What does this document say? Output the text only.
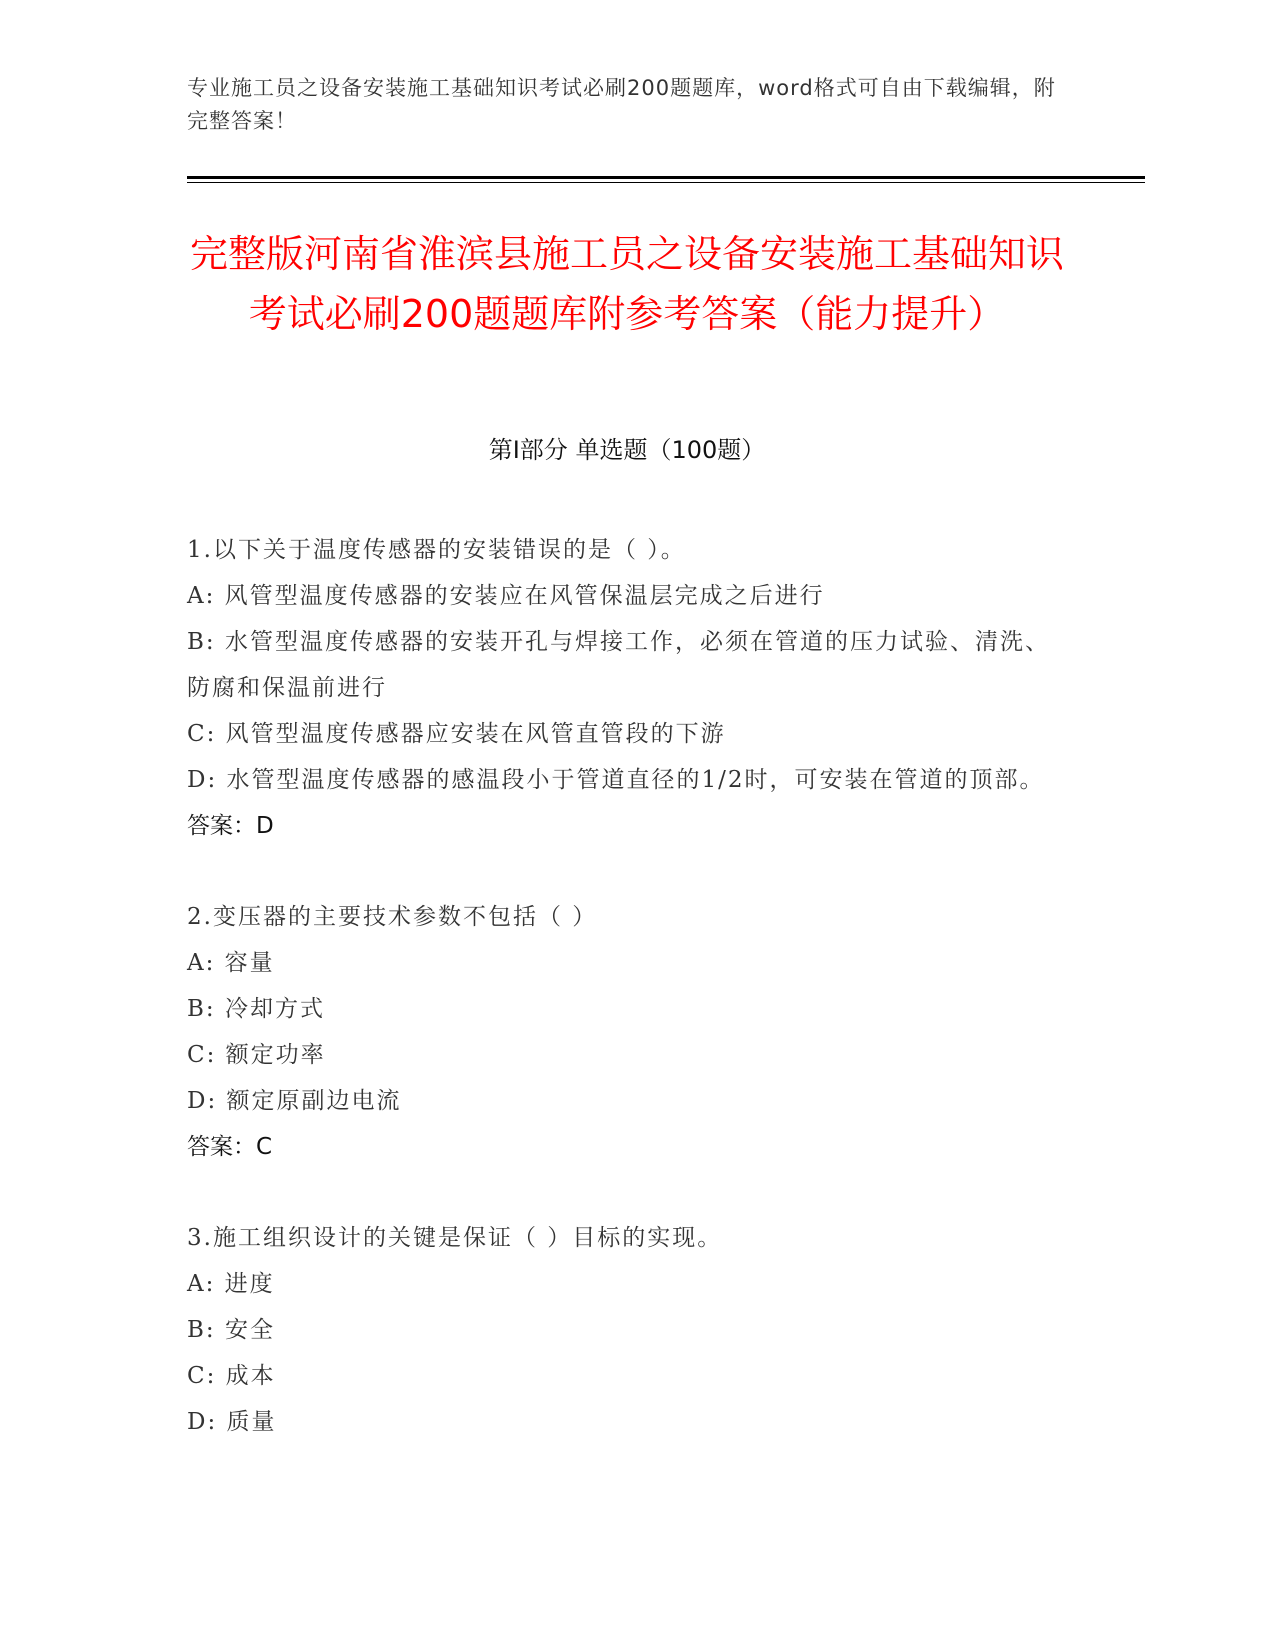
专业施工员之设备安装施工基础知识考试必刷200题题库，word格式可自由下载编辑，附完整答案！
完整版河南省淮滨县施工员之设备安装施工基础知识考试必刷200题题库附参考答案（能力提升）
第Ⅰ部分 单选题（100题）
1.以下关于温度传感器的安装错误的是（ ）。
A: 风管型温度传感器的安装应在风管保温层完成之后进行
B: 水管型温度传感器的安装开孔与焊接工作，必须在管道的压力试验、清洗、防腐和保温前进行
C: 风管型温度传感器应安装在风管直管段的下游
D: 水管型温度传感器的感温段小于管道直径的1/2时，可安装在管道的顶部。
答案：D
2.变压器的主要技术参数不包括（ ）
A: 容量
B: 冷却方式
C: 额定功率
D: 额定原副边电流
答案：C
3.施工组织设计的关键是保证（ ）目标的实现。
A: 进度
B: 安全
C: 成本
D: 质量
